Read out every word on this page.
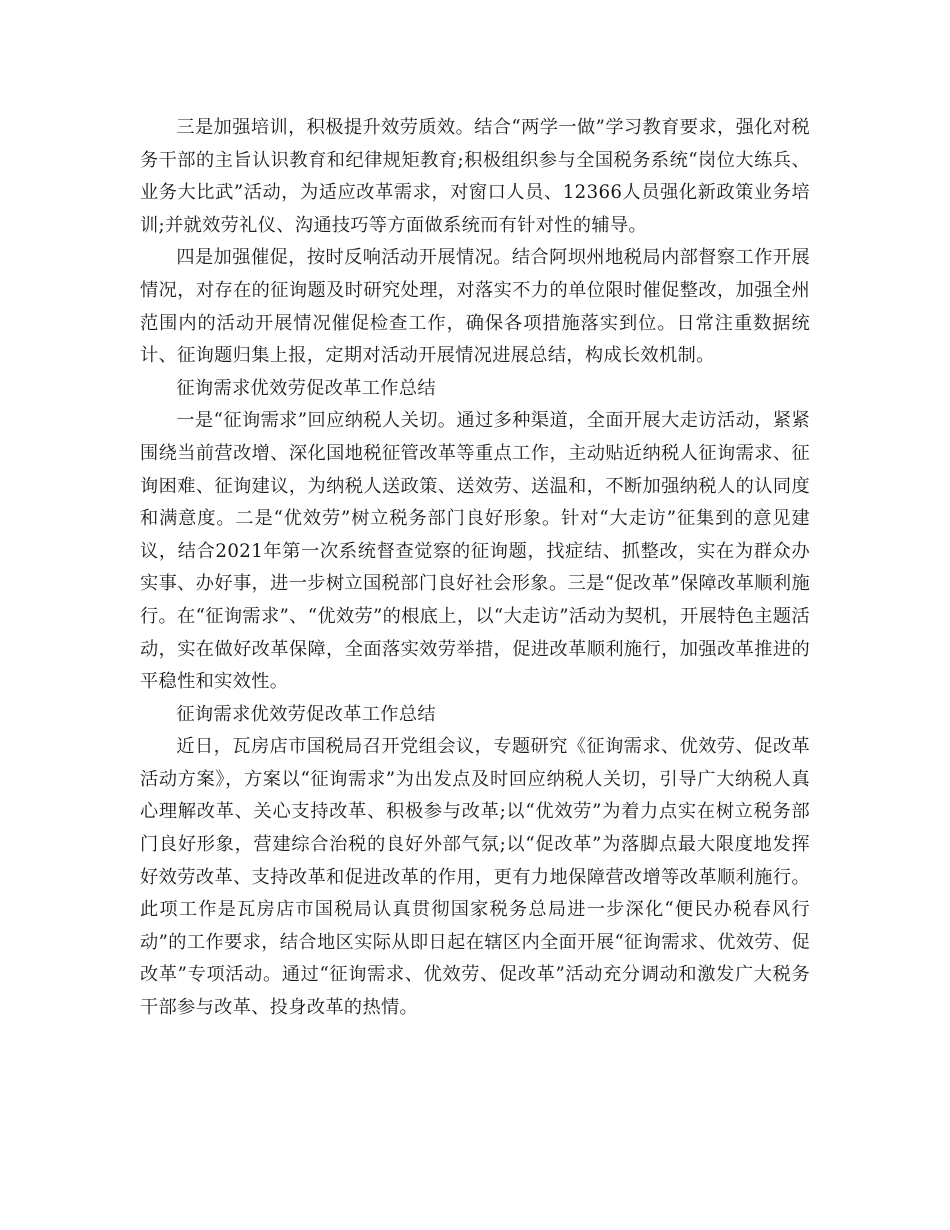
三是加强培训，积极提升效劳质效。结合“两学一做”学习教育要求，强化对税务干部的主旨认识教育和纪律规矩教育;积极组织参与全国税务系统“岗位大练兵、业务大比武”活动，为适应改革需求，对窗口人员、12366人员强化新政策业务培训;并就效劳礼仪、沟通技巧等方面做系统而有针对性的辅导。

四是加强催促，按时反响活动开展情况。结合阿坝州地税局内部督察工作开展情况，对存在的征询题及时研究处理，对落实不力的单位限时催促整改，加强全州范围内的活动开展情况催促检查工作，确保各项措施落实到位。日常注重数据统计、征询题归集上报，定期对活动开展情况进展总结，构成长效机制。

征询需求优效劳促改革工作总结

一是“征询需求”回应纳税人关切。通过多种渠道，全面开展大走访活动，紧紧围绕当前营改增、深化国地税征管改革等重点工作，主动贴近纳税人征询需求、征询困难、征询建议，为纳税人送政策、送效劳、送温和，不断加强纳税人的认同度和满意度。二是“优效劳”树立税务部门良好形象。针对“大走访”征集到的意见建议，结合2021年第一次系统督查觉察的征询题，找症结、抓整改，实在为群众办实事、办好事，进一步树立国税部门良好社会形象。三是“促改革”保障改革顺利施行。在“征询需求”、“优效劳”的根底上，以“大走访”活动为契机，开展特色主题活动，实在做好改革保障，全面落实效劳举措，促进改革顺利施行，加强改革推进的平稳性和实效性。

征询需求优效劳促改革工作总结

近日，瓦房店市国税局召开党组会议，专题研究《征询需求、优效劳、促改革活动方案》，方案以“征询需求”为出发点及时回应纳税人关切，引导广大纳税人真心理解改革、关心支持改革、积极参与改革;以“优效劳”为着力点实在树立税务部门良好形象，营建综合治税的良好外部气氛;以“促改革”为落脚点最大限度地发挥好效劳改革、支持改革和促进改革的作用，更有力地保障营改增等改革顺利施行。此项工作是瓦房店市国税局认真贯彻国家税务总局进一步深化“便民办税春风行动”的工作要求，结合地区实际从即日起在辖区内全面开展“征询需求、优效劳、促改革”专项活动。通过“征询需求、优效劳、促改革”活动充分调动和激发广大税务干部参与改革、投身改革的热情。
